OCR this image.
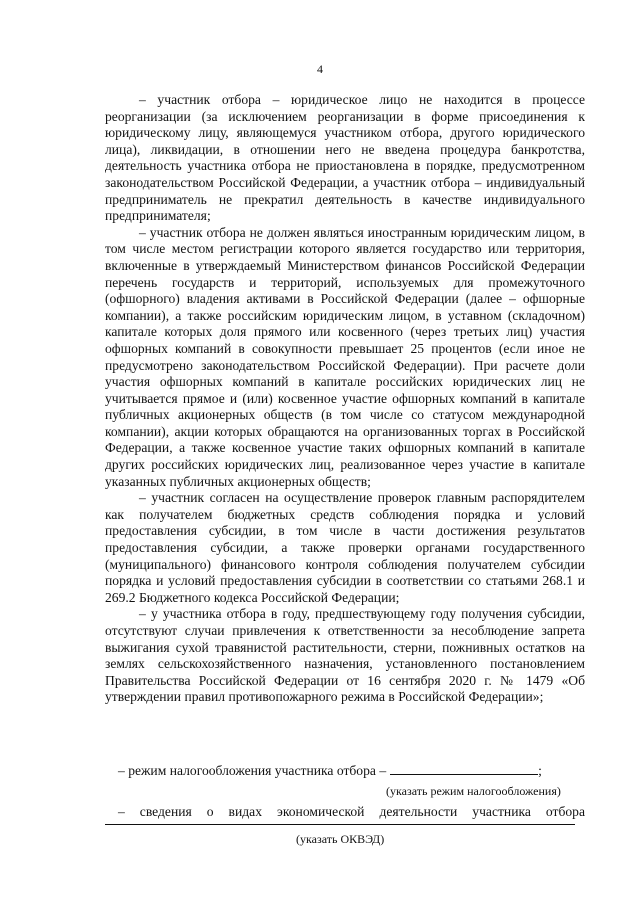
4

– участник отбора – юридическое лицо не находится в процессе реорганизации (за исключением реорганизации в форме присоединения к юридическому лицу, являющемуся участником отбора, другого юридического лица), ликвидации, в отношении него не введена процедура банкротства, деятельность участника отбора не приостановлена в порядке, предусмотренном законодательством Российской Федерации, а участник отбора – индивидуальный предприниматель не прекратил деятельность в качестве индивидуального предпринимателя;

– участник отбора не должен являться иностранным юридическим лицом, в том числе местом регистрации которого является государство или территория, включенные в утверждаемый Министерством финансов Российской Федерации перечень государств и территорий, используемых для промежуточного (офшорного) владения активами в Российской Федерации (далее – офшорные компании), а также российским юридическим лицом, в уставном (складочном) капитале которых доля прямого или косвенного (через третьих лиц) участия офшорных компаний в совокупности превышает 25 процентов (если иное не предусмотрено законодательством Российской Федерации). При расчете доли участия офшорных компаний в капитале российских юридических лиц не учитывается прямое и (или) косвенное участие офшорных компаний в капитале публичных акционерных обществ (в том числе со статусом международной компании), акции которых обращаются на организованных торгах в Российской Федерации, а также косвенное участие таких офшорных компаний в капитале других российских юридических лиц, реализованное через участие в капитале указанных публичных акционерных обществ;

– участник согласен на осуществление проверок главным распорядителем как получателем бюджетных средств соблюдения порядка и условий предоставления субсидии, в том числе в части достижения результатов предоставления субсидии, а также проверки органами государственного (муниципального) финансового контроля соблюдения получателем субсидии порядка и условий предоставления субсидии в соответствии со статьями 268.1 и 269.2 Бюджетного кодекса Российской Федерации;

– у участника отбора в году, предшествующему году получения субсидии, отсутствуют случаи привлечения к ответственности за несоблюдение запрета выжигания сухой травянистой растительности, стерни, пожнивных остатков на землях сельскохозяйственного назначения, установленного постановлением Правительства Российской Федерации от 16 сентября 2020 г. № 1479 «Об утверждении правил противопожарного режима в Российской Федерации»;

– режим налогообложения участника отбора –	;
(указать режим налогообложения)
– сведения о видах экономической деятельности участника отбора
(указать ОКВЭД)
